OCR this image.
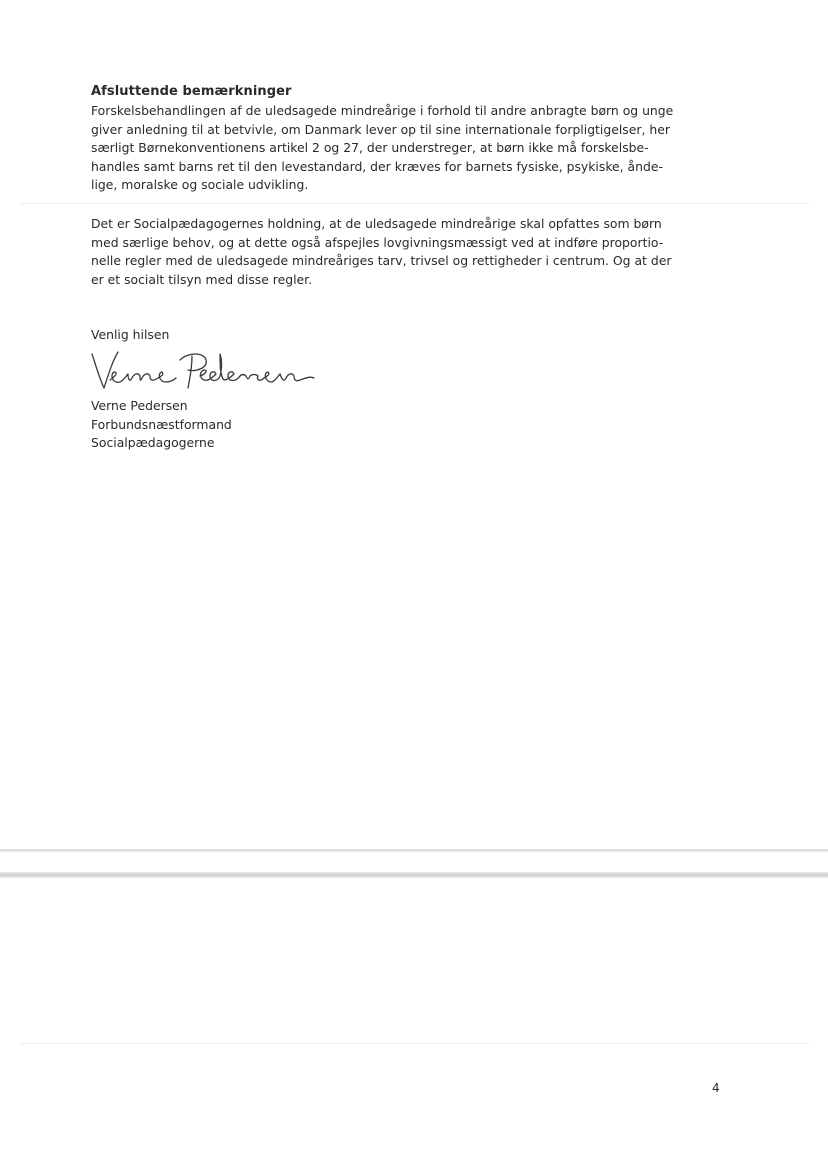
Afsluttende bemærkninger
Forskelsbehandlingen af de uledsagede mindreårige i forhold til andre anbragte børn og unge
giver anledning til at betvivle, om Danmark lever op til sine internationale forpligtigelser, her
særligt Børnekonventionens artikel 2 og 27, der understreger, at børn ikke må forskelsbe-
handles samt barns ret til den levestandard, der kræves for barnets fysiske, psykiske, ånde-
lige, moralske og sociale udvikling.
Det er Socialpædagogernes holdning, at de uledsagede mindreårige skal opfattes som børn
med særlige behov, og at dette også afspejles lovgivningsmæssigt ved at indføre proportio-
nelle regler med de uledsagede mindreåriges tarv, trivsel og rettigheder i centrum. Og at der
er et socialt tilsyn med disse regler.
Venlig hilsen
Verne Pedersen
Forbundsnæstformand
Socialpædagogerne
4
